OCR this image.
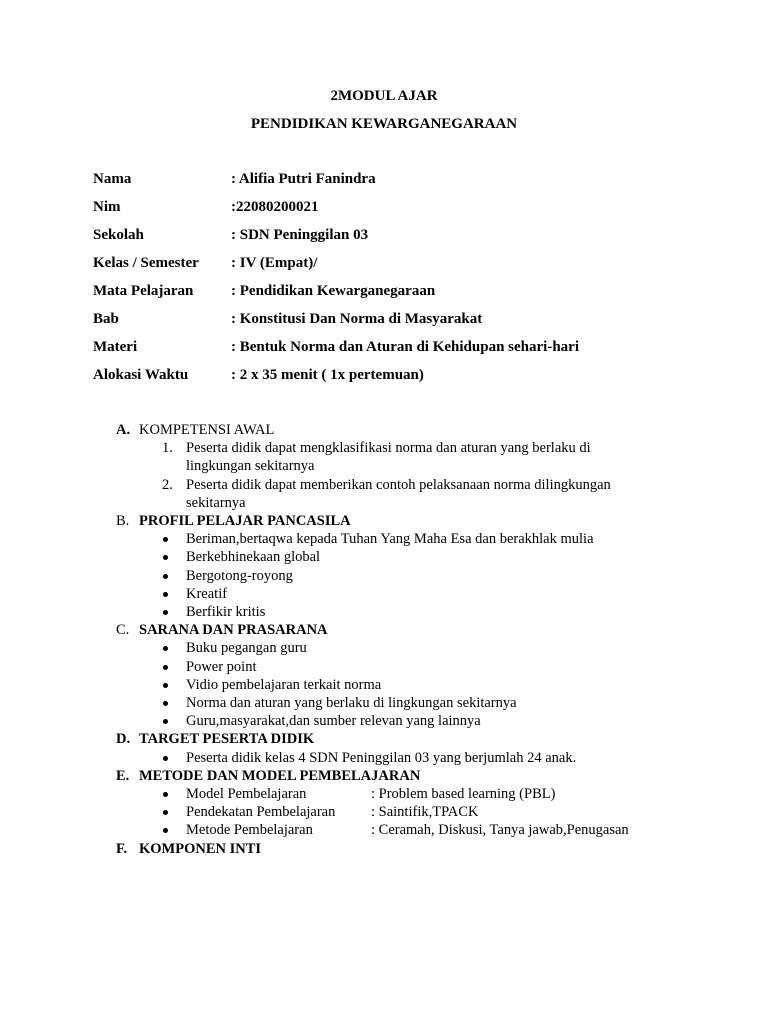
2MODUL AJAR
PENDIDIKAN KEWARGANEGARAAN
Nama	: Alifia Putri Fanindra
Nim	:22080200021
Sekolah	: SDN Peninggilan 03
Kelas / Semester : IV (Empat)/
Mata Pelajaran	: Pendidikan Kewarganegaraan
Bab	: Konstitusi Dan Norma di Masyarakat
Materi	: Bentuk Norma dan Aturan di Kehidupan sehari-hari
Alokasi Waktu	: 2 x 35 menit ( 1x pertemuan)
A. KOMPETENSI AWAL
1. Peserta didik dapat mengklasifikasi norma dan aturan yang berlaku di
lingkungan sekitarnya
2. Peserta didik dapat memberikan contoh pelaksanaan norma dilingkungan
sekitarnya
B. PROFIL PELAJAR PANCASILA
Beriman,bertaqwa kepada Tuhan Yang Maha Esa dan berakhlak mulia
Berkebhinekaan global
Bergotong-royong
Kreatif
Berfikir kritis
C. SARANA DAN PRASARANA
Buku pegangan guru
Power point
Vidio pembelajaran terkait norma
Norma dan aturan yang berlaku di lingkungan sekitarnya
Guru,masyarakat,dan sumber relevan yang lainnya
D. TARGET PESERTA DIDIK
Peserta didik kelas 4 SDN Peninggilan 03 yang berjumlah 24 anak.
E. METODE DAN MODEL PEMBELAJARAN
Model Pembelajaran	: Problem based learning (PBL)
Pendekatan Pembelajaran : Saintifik,TPACK
Metode Pembelajaran	: Ceramah, Diskusi, Tanya jawab,Penugasan
F. KOMPONEN INTI
